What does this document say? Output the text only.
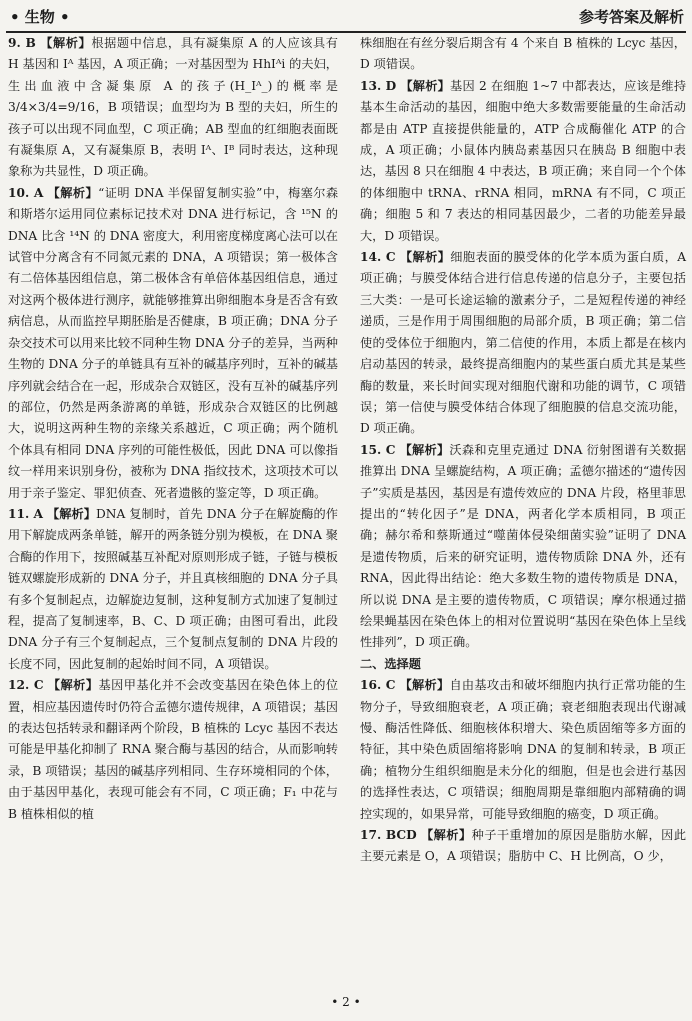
• 生物 •	参考答案及解析

9. B 【解析】根据题中信息，具有凝集原 A 的人应该具有 H 基因和 Iᴬ 基因，A 项正确；一对基因型为 HhIᴬi 的夫妇，生出血液中含凝集原 A 的孩子(H_Iᴬ_)的概率是 3/4×3/4=9/16，B 项错误；血型均为 B 型的夫妇，所生的孩子可以出现不同血型，C 项正确；AB 型血的红细胞表面既有凝集原 A，又有凝集原 B，表明 Iᴬ、Iᴮ 同时表达，这种现象称为共显性，D 项正确。

10. A 【解析】“证明 DNA 半保留复制实验”中，梅塞尔森和斯塔尔运用同位素标记技术对 DNA 进行标记，含 ¹⁵N 的 DNA 比含 ¹⁴N 的 DNA 密度大，利用密度梯度离心法可以在试管中分离含有不同氮元素的 DNA，A 项错误；第一极体含有二倍体基因组信息，第二极体含有单倍体基因组信息，通过对这两个极体进行测序，就能够推算出卵细胞本身是否含有致病信息，从而监控早期胚胎是否健康，B 项正确；DNA 分子杂交技术可以用来比较不同种生物 DNA 分子的差异，当两种生物的 DNA 分子的单链具有互补的碱基序列时，互补的碱基序列就会结合在一起，形成杂合双链区，没有互补的碱基序列的部位，仍然是两条游离的单链，形成杂合双链区的比例越大，说明这两种生物的亲缘关系越近，C 项正确；两个随机个体具有相同 DNA 序列的可能性极低，因此 DNA 可以像指纹一样用来识别身份，被称为 DNA 指纹技术，这项技术可以用于亲子鉴定、罪犯侦查、死者遗骸的鉴定等，D 项正确。

11. A 【解析】DNA 复制时，首先 DNA 分子在解旋酶的作用下解旋成两条单链，解开的两条链分别为模板，在 DNA 聚合酶的作用下，按照碱基互补配对原则形成子链，子链与模板链双螺旋形成新的 DNA 分子，并且真核细胞的 DNA 分子具有多个复制起点，边解旋边复制，这种复制方式加速了复制过程，提高了复制速率，B、C、D 项正确；由图可看出，此段 DNA 分子有三个复制起点，三个复制点复制的 DNA 片段的长度不同，因此复制的起始时间不同，A 项错误。

12. C 【解析】基因甲基化并不会改变基因在染色体上的位置，相应基因遗传时仍符合孟德尔遗传规律，A 项错误；基因的表达包括转录和翻译两个阶段，B 植株的 Lcyc 基因不表达可能是甲基化抑制了 RNA 聚合酶与基因的结合，从而影响转录，B 项错误；基因的碱基序列相同、生存环境相同的个体，由于基因甲基化，表现可能会有不同，C 项正确；F₁ 中花与 B 植株相似的植

株细胞在有丝分裂后期含有 4 个来自 B 植株的 Lcyc 基因，D 项错误。

13. D 【解析】基因 2 在细胞 1~7 中都表达，应该是维持基本生命活动的基因，细胞中绝大多数需要能量的生命活动都是由 ATP 直接提供能量的，ATP 合成酶催化 ATP 的合成，A 项正确；小鼠体内胰岛素基因只在胰岛 B 细胞中表达，基因 8 只在细胞 4 中表达，B 项正确；来自同一个个体的体细胞中 tRNA、rRNA 相同，mRNA 有不同，C 项正确；细胞 5 和 7 表达的相同基因最少，二者的功能差异最大，D 项错误。

14. C 【解析】细胞表面的膜受体的化学本质为蛋白质，A 项正确；与膜受体结合进行信息传递的信息分子，主要包括三大类：一是可长途运输的激素分子，二是短程传递的神经递质，三是作用于周围细胞的局部介质，B 项正确；第二信使的受体位于细胞内，第二信使的作用，本质上都是在核内启动基因的转录，最终提高细胞内的某些蛋白质尤其是某些酶的数量，来长时间实现对细胞代谢和功能的调节，C 项错误；第一信使与膜受体结合体现了细胞膜的信息交流功能，D 项正确。

15. C 【解析】沃森和克里克通过 DNA 衍射图谱有关数据推算出 DNA 呈螺旋结构，A 项正确；孟德尔描述的“遗传因子”实质是基因，基因是有遗传效应的 DNA 片段，格里菲思提出的“转化因子”是 DNA，两者化学本质相同，B 项正确；赫尔希和蔡斯通过“噬菌体侵染细菌实验”证明了 DNA 是遗传物质，后来的研究证明，遗传物质除 DNA 外，还有 RNA，因此得出结论：绝大多数生物的遗传物质是 DNA，所以说 DNA 是主要的遗传物质，C 项错误；摩尔根通过描绘果蝇基因在染色体上的相对位置说明“基因在染色体上呈线性排列”，D 项正确。

二、选择题

16. C 【解析】自由基攻击和破坏细胞内执行正常功能的生物分子，导致细胞衰老，A 项正确；衰老细胞表现出代谢减慢、酶活性降低、细胞核体积增大、染色质固缩等多方面的特征，其中染色质固缩将影响 DNA 的复制和转录，B 项正确；植物分生组织细胞是未分化的细胞，但是也会进行基因的选择性表达，C 项错误；细胞周期是靠细胞内部精确的调控实现的，如果异常，可能导致细胞的癌变，D 项正确。

17. BCD 【解析】种子干重增加的原因是脂肪水解，因此主要元素是 O，A 项错误；脂肪中 C、H 比例高，O 少，

• 2 •
